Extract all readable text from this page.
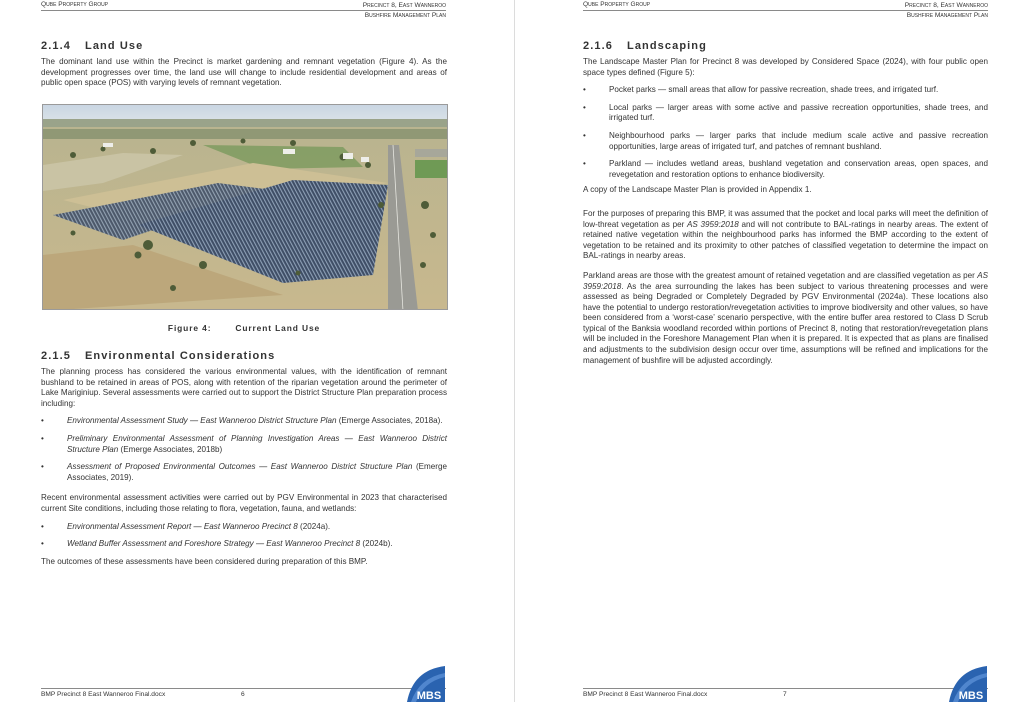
Qube Property Group	Precinct 8, East Wanneroo
Bushfire Management Plan
2.1.4 Land Use

The dominant land use within the Precinct is market gardening and remnant vegetation (Figure 4). As the development progresses over time, the land use will change to include residential development and areas of public open space (POS) with varying levels of remnant vegetation.

Figure 4:	Current Land Use
2.1.5 Environmental Considerations

The planning process has considered the various environmental values, with the identification of remnant bushland to be retained in areas of POS, along with retention of the riparian vegetation around the perimeter of Lake Mariginiup. Several assessments were carried out to support the District Structure Plan preparation process including:

•	Environmental Assessment Study — East Wanneroo District Structure Plan (Emerge Associates, 2018a).
•	Preliminary Environmental Assessment of Planning Investigation Areas — East Wanneroo District Structure Plan (Emerge Associates, 2018b)
•	Assessment of Proposed Environmental Outcomes — East Wanneroo District Structure Plan (Emerge Associates, 2019).

Recent environmental assessment activities were carried out by PGV Environmental in 2023 that characterised current Site conditions, including those relating to flora, vegetation, fauna, and wetlands:

•	Environmental Assessment Report — East Wanneroo Precinct 8 (2024a).
•	Wetland Buffer Assessment and Foreshore Strategy — East Wanneroo Precinct 8 (2024b).

The outcomes of these assessments have been considered during preparation of this BMP.

BMP Precinct 8 East Wanneroo Final.docx	6	MBS
Qube Property Group	Precinct 8, East Wanneroo
Bushfire Management Plan
2.1.6 Landscaping

The Landscape Master Plan for Precinct 8 was developed by Considered Space (2024), with four public open space types defined (Figure 5):

•	Pocket parks — small areas that allow for passive recreation, shade trees, and irrigated turf.
•	Local parks — larger areas with some active and passive recreation opportunities, shade trees, and irrigated turf.
•	Neighbourhood parks — larger parks that include medium scale active and passive recreation opportunities, large areas of irrigated turf, and patches of remnant bushland.
•	Parkland — includes wetland areas, bushland vegetation and conservation areas, open spaces, and revegetation and restoration options to enhance biodiversity.

A copy of the Landscape Master Plan is provided in Appendix 1.

For the purposes of preparing this BMP, it was assumed that the pocket and local parks will meet the definition of low-threat vegetation as per AS 3959:2018 and will not contribute to BAL-ratings in nearby areas. The extent of retained native vegetation within the neighbourhood parks has informed the BMP according to the extent of vegetation to be retained and its proximity to other patches of classified vegetation to determine the impact on BAL-ratings in nearby areas.

Parkland areas are those with the greatest amount of retained vegetation and are classified vegetation as per AS 3959:2018. As the area surrounding the lakes has been subject to various threatening processes and were assessed as being Degraded or Completely Degraded by PGV Environmental (2024a). These locations also have the potential to undergo restoration/revegetation activities to improve biodiversity and other values, so have been considered from a ‘worst-case’ scenario perspective, with the entire buffer area restored to Class D Scrub typical of the Banksia woodland recorded within portions of Precinct 8, noting that restoration/revegetation plans will be included in the Foreshore Management Plan when it is prepared. It is expected that as plans are finalised and adjustments to the subdivision design occur over time, assumptions will be refined and implications for the management of bushfire will be adjusted accordingly.

BMP Precinct 8 East Wanneroo Final.docx	7	MBS
